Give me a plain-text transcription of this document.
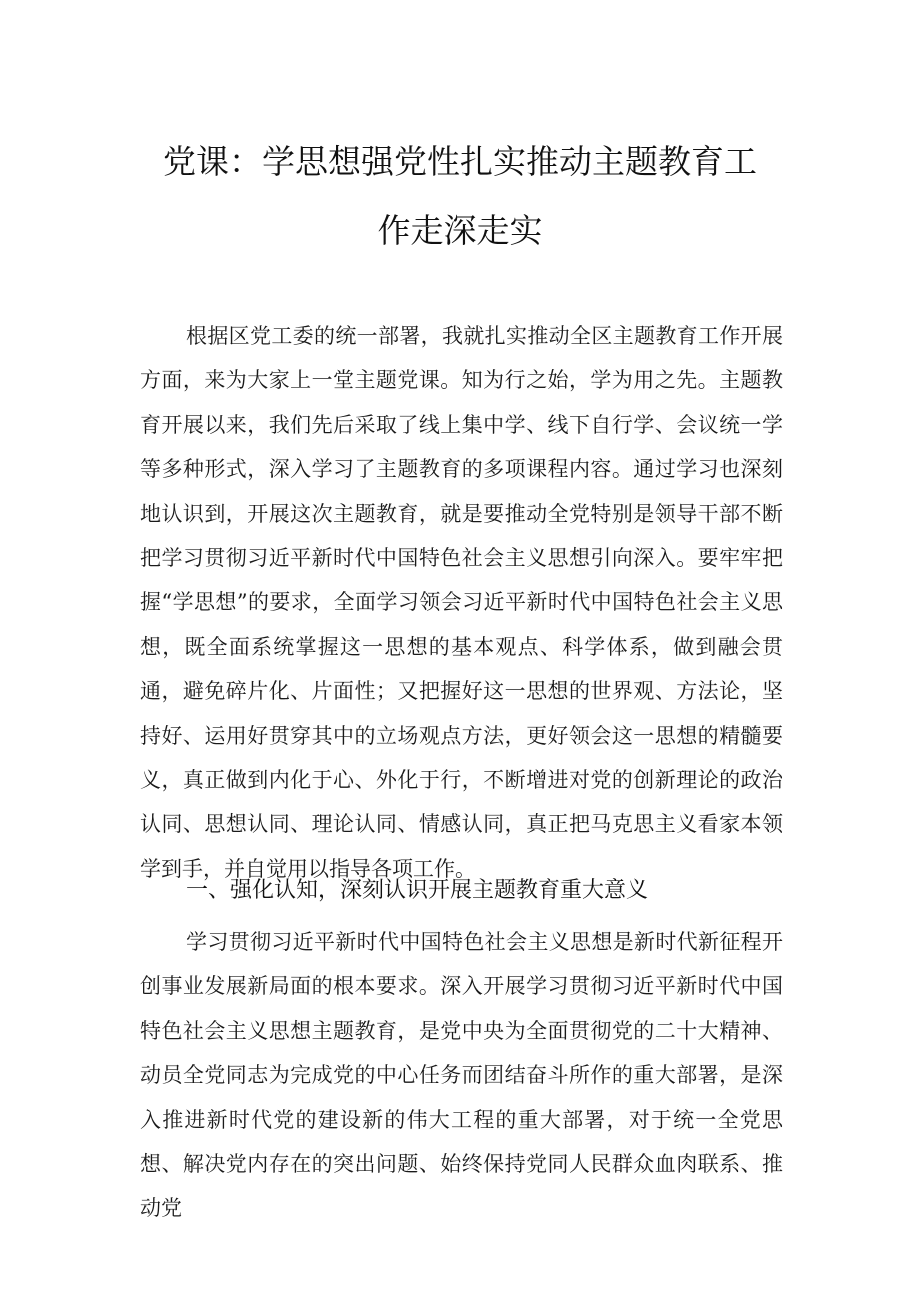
党课：学思想强党性扎实推动主题教育工
作走深走实

根据区党工委的统一部署，我就扎实推动全区主题教育工作开展方面，来为大家上一堂主题党课。知为行之始，学为用之先。主题教育开展以来，我们先后采取了线上集中学、线下自行学、会议统一学等多种形式，深入学习了主题教育的多项课程内容。通过学习也深刻地认识到，开展这次主题教育，就是要推动全党特别是领导干部不断把学习贯彻习近平新时代中国特色社会主义思想引向深入。要牢牢把握“学思想”的要求，全面学习领会习近平新时代中国特色社会主义思想，既全面系统掌握这一思想的基本观点、科学体系，做到融会贯通，避免碎片化、片面性；又把握好这一思想的世界观、方法论，坚持好、运用好贯穿其中的立场观点方法，更好领会这一思想的精髓要义，真正做到内化于心、外化于行，不断增进对党的创新理论的政治认同、思想认同、理论认同、情感认同，真正把马克思主义看家本领学到手，并自觉用以指导各项工作。

一、强化认知，深刻认识开展主题教育重大意义

学习贯彻习近平新时代中国特色社会主义思想是新时代新征程开创事业发展新局面的根本要求。深入开展学习贯彻习近平新时代中国特色社会主义思想主题教育，是党中央为全面贯彻党的二十大精神、动员全党同志为完成党的中心任务而团结奋斗所作的重大部署，是深入推进新时代党的建设新的伟大工程的重大部署，对于统一全党思想、解决党内存在的突出问题、始终保持党同人民群众血肉联系、推动党
